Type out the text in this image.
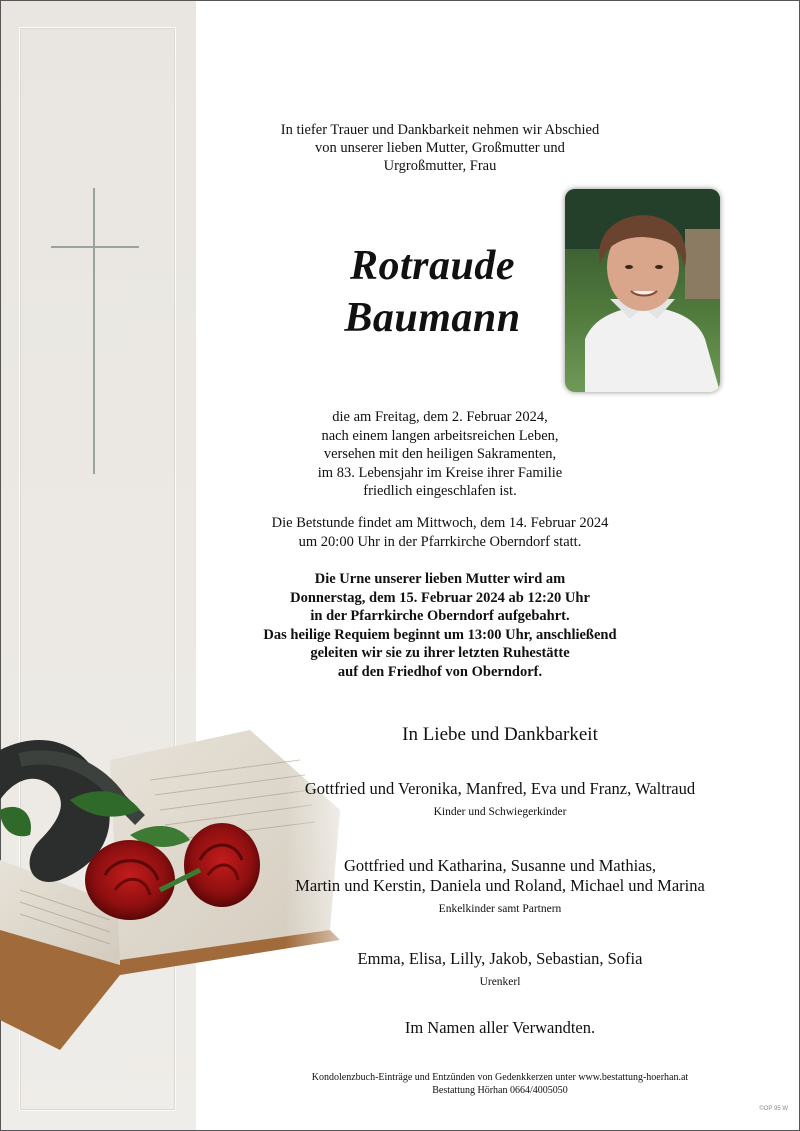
In tiefer Trauer und Dankbarkeit nehmen wir Abschied
von unserer lieben Mutter, Großmutter und
Urgroßmutter, Frau
Rotraude
Baumann
die am Freitag, dem 2. Februar 2024,
nach einem langen arbeitsreichen Leben,
versehen mit den heiligen Sakramenten,
im 83. Lebensjahr im Kreise ihrer Familie
friedlich eingeschlafen ist.
Die Betstunde findet am Mittwoch, dem 14. Februar 2024
um 20:00 Uhr in der Pfarrkirche Oberndorf statt.
Die Urne unserer lieben Mutter wird am
Donnerstag, dem 15. Februar 2024 ab 12:20 Uhr
in der Pfarrkirche Oberndorf aufgebahrt.
Das heilige Requiem beginnt um 13:00 Uhr, anschließend
geleiten wir sie zu ihrer letzten Ruhestätte
auf den Friedhof von Oberndorf.
In Liebe und Dankbarkeit
Gottfried und Veronika, Manfred, Eva und Franz, Waltraud
Kinder und Schwiegerkinder
Gottfried und Katharina, Susanne und Mathias,
Martin und Kerstin, Daniela und Roland, Michael und Marina
Enkelkinder samt Partnern
Emma, Elisa, Lilly, Jakob, Sebastian, Sofia
Urenkerl
Im Namen aller Verwandten.
Kondolenzbuch-Einträge und Entzünden von Gedenkkerzen unter www.bestattung-hoerhan.at
Bestattung Hörhan 0664/4005050
©OP 95 W
